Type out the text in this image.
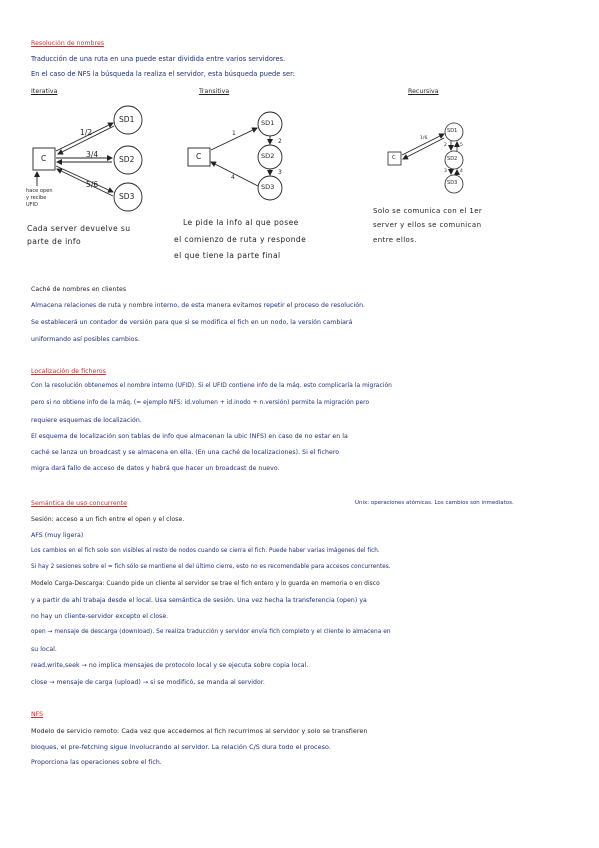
Resolución de nombres

Traducción de una ruta en una puede estar dividida entre varios servidores.

En el caso de NFS la búsqueda la realiza el servidor, esta búsqueda puede ser:

Iterativa	Transitiva	Recursiva

C

SD1

SD2

SD3

1/2

3/4

5/6

hace open

y recibe

UFID

Cada server devuelve su

parte de info

C

SD1

SD2

SD3

1

2

3

4

Le pide la info al que posee

el comienzo de ruta y responde

el que tiene la parte final

C

SD1

SD2

SD3

1/6

2	5

3	4

Solo se comunica con el 1er

server y ellos se comunican

entre ellos.

Caché de nombres en clientes

Almacena relaciones de ruta y nombre interno, de esta manera evitamos repetir el proceso de resolución.

Se establecerá un contador de versión para que si se modifica el fich en un nodo, la versión cambiará

uniformando así posibles cambios.

Localización de ficheros

Con la resolución obtenemos el nombre interno (UFID). Si el UFID contiene info de la máq. esto complicaría la migración

pero si no obtiene info de la máq. (= ejemplo NFS: id.volumen + id.inodo + n.versión) permite la migración pero

requiere esquemas de localización.

El esquema de localización son tablas de info que almacenan la ubic (NFS) en caso de no estar en la

caché se lanza un broadcast y se almacena en ella. (En una caché de localizaciones). Si el fichero

migra dará fallo de acceso de datos y habrá que hacer un broadcast de nuevo.

Semántica de uso concurrente	Unix: operaciones atómicas. Los cambios son inmediatos.

Sesión: acceso a un fich entre el open y el close.

AFS (muy ligera)

Los cambios en el fich solo son visibles al resto de nodos cuando se cierra el fich. Puede haber varias imágenes del fich.

Si hay 2 sesiones sobre el = fich sólo se mantiene el del último cierre, esto no es recomendable para accesos concurrentes.

Modelo Carga-Descarga: Cuando pide un cliente al servidor se trae el fich entero y lo guarda en memoria o en disco

y a partir de ahí trabaja desde el local. Usa semántica de sesión. Una vez hecha la transferencia (open) ya

no hay un cliente-servidor excepto el close.

open → mensaje de descarga (download). Se realiza traducción y servidor envía fich completo y el cliente lo almacena en

su local.

read,write,seek → no implica mensajes de protocolo local y se ejecuta sobre copia local.

close → mensaje de carga (upload) → si se modificó, se manda al servidor.

NFS

Modelo de servicio remoto: Cada vez que accedemos al fich recurrimos al servidor y solo se transfieren

bloques, el pre-fetching sigue involucrando al servidor. La relación C/S dura todo el proceso.

Proporciona las operaciones sobre el fich.
